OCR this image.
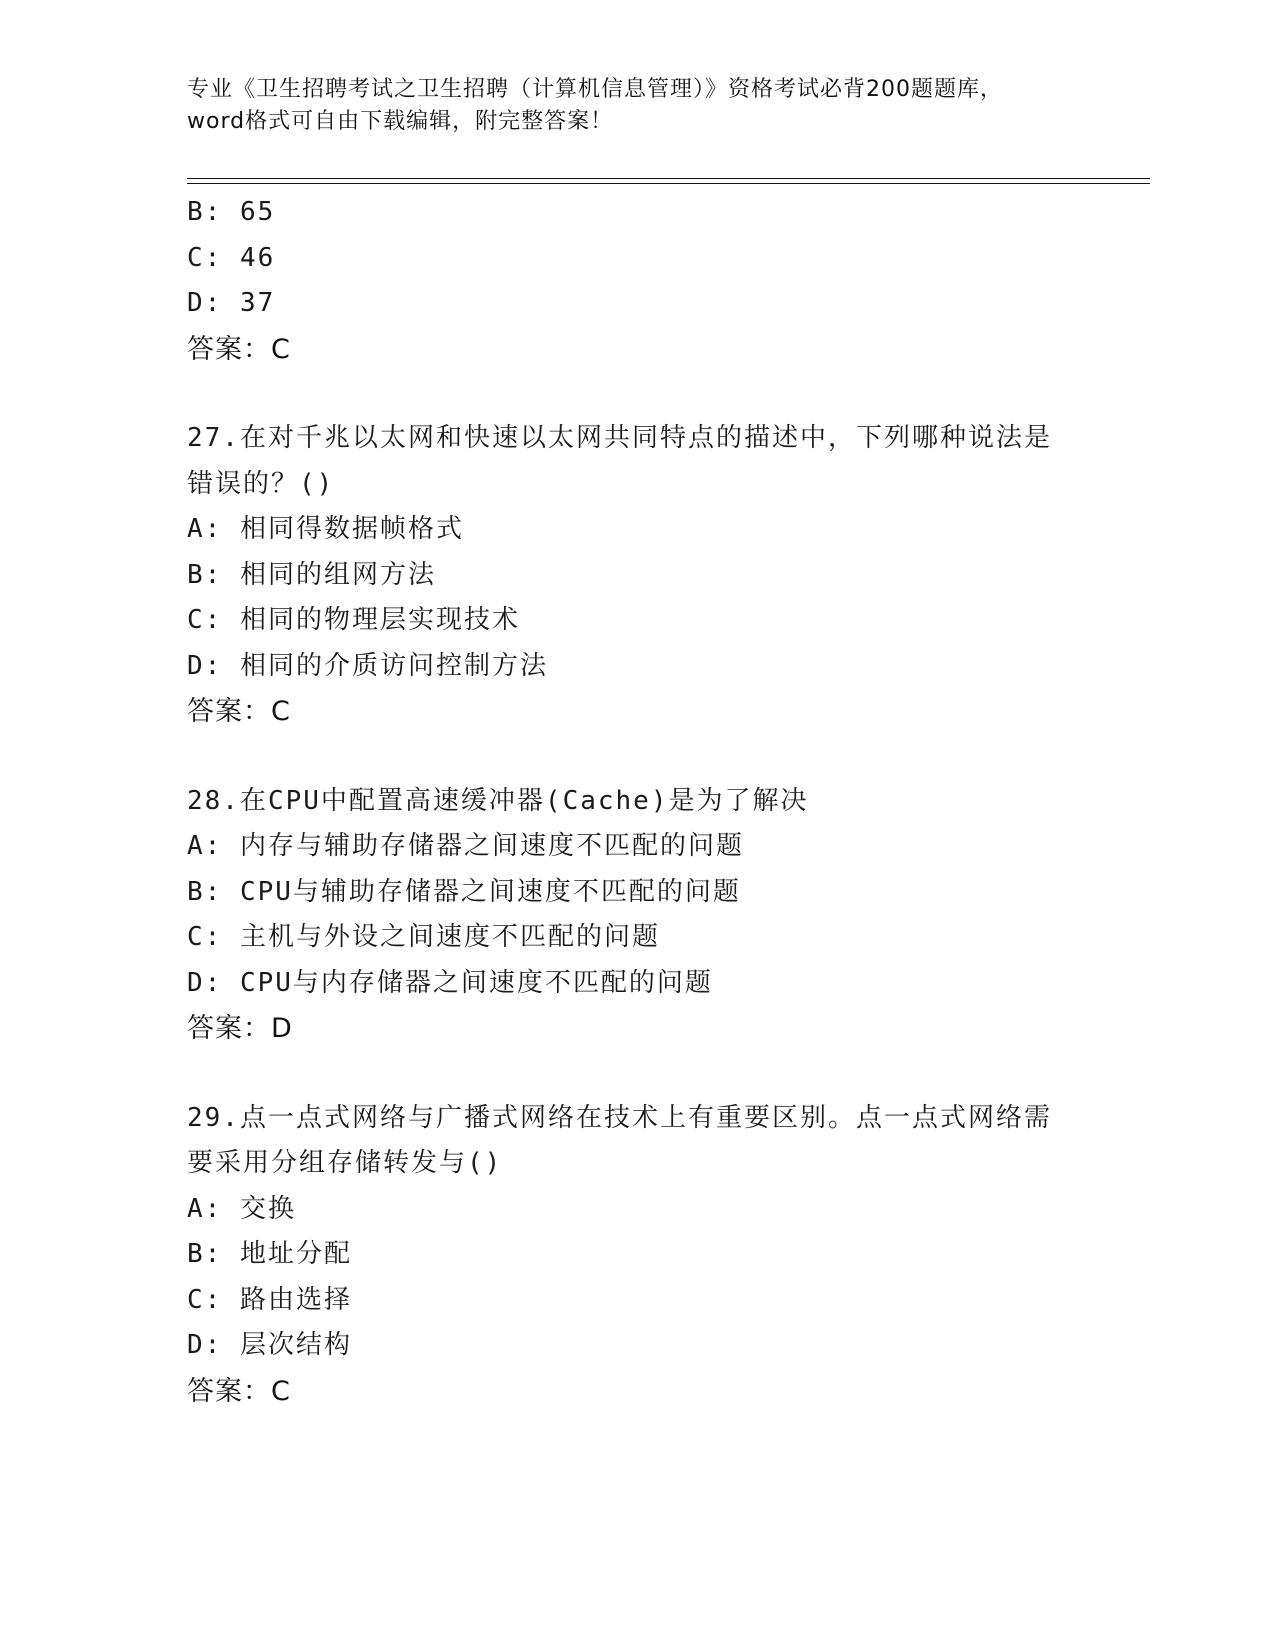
专业《卫生招聘考试之卫生招聘（计算机信息管理）》资格考试必背200题题库，
word格式可自由下载编辑，附完整答案！
B: 65
C: 46
D: 37
答案：C
27.在对千兆以太网和快速以太网共同特点的描述中，下列哪种说法是
错误的？()
A: 相同得数据帧格式
B: 相同的组网方法
C: 相同的物理层实现技术
D: 相同的介质访问控制方法
答案：C
28.在CPU中配置高速缓冲器(Cache)是为了解决
A: 内存与辅助存储器之间速度不匹配的问题
B: CPU与辅助存储器之间速度不匹配的问题
C: 主机与外设之间速度不匹配的问题
D: CPU与内存储器之间速度不匹配的问题
答案：D
29.点一点式网络与广播式网络在技术上有重要区别。点一点式网络需
要采用分组存储转发与()
A: 交换
B: 地址分配
C: 路由选择
D: 层次结构
答案：C
